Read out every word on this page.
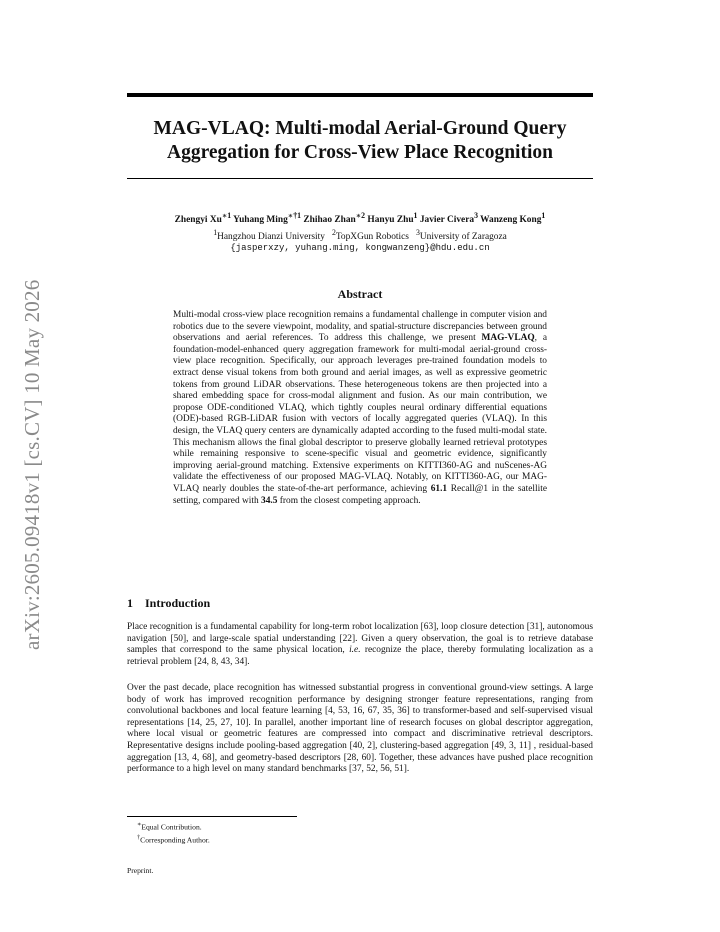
arXiv:2605.09418v1 [cs.CV] 10 May 2026
MAG-VLAQ: Multi-modal Aerial-Ground Query
Aggregation for Cross-View Place Recognition
Zhengyi $Xu^{∗1}$ Yuhang Ming$^{∗\dagger 1}$ Zhihao Zhan$^{∗2}$ Hanyu Zhu$^1$ Javier Civera$^3$ Wanzeng Kong$^1$
$^1$Hangzhou Dianzi University $^2$TopXGun Robotics $^3$University of Zaragoza
{jasperxzy, yuhang.ming, kongwanzeng}@hdu.edu.cn
Abstract
Multi-modal cross-view place recognition remains a fundamental challenge in computer vision and robotics due to the severe viewpoint, modality, and spatial-structure discrepancies between ground observations and aerial references. To address this challenge, we present MAG-VLAQ, a foundation-model-enhanced query aggregation framework for multi-modal aerial-ground cross-view place recognition. Specifically, our approach leverages pre-trained foundation models to extract dense visual tokens from both ground and aerial images, as well as expressive geometric tokens from ground LiDAR observations. These heterogeneous tokens are then projected into a shared embedding space for cross-modal alignment and fusion. As our main contribution, we propose ODE-conditioned VLAQ, which tightly couples neural ordinary differential equations (ODE)-based RGB-LiDAR fusion with vectors of locally aggregated queries (VLAQ). In this design, the VLAQ query centers are dynamically adapted according to the fused multi-modal state. This mechanism allows the final global descriptor to preserve globally learned retrieval prototypes while remaining responsive to scene-specific visual and geometric evidence, significantly improving aerial-ground matching. Extensive experiments on KITTI360-AG and nuScenes-AG validate the effectiveness of our proposed MAG-VLAQ. Notably, on KITTI360-AG, our MAG-VLAQ nearly doubles the state-of-the-art performance, achieving 61.1 Recall@1 in the satellite setting, compared with 34.5 from the closest competing approach.
1 Introduction
Place recognition is a fundamental capability for long-term robot localization [63], loop closure detection [31], autonomous navigation [50], and large-scale spatial understanding [22]. Given a query observation, the goal is to retrieve database samples that correspond to the same physical location, i.e. recognize the place, thereby formulating localization as a retrieval problem [24, 8, 43, 34].
Over the past decade, place recognition has witnessed substantial progress in conventional ground-view settings. A large body of work has improved recognition performance by designing stronger feature representations, ranging from convolutional backbones and local feature learning [4, 53, 16, 67, 35, 36] to transformer-based and self-supervised visual representations [14, 25, 27, 10]. In parallel, another important line of research focuses on global descriptor aggregation, where local visual or geometric features are compressed into compact and discriminative retrieval descriptors. Representative designs include pooling-based aggregation [40, 2], clustering-based aggregation [49, 3, 11] , residual-based aggregation [13, 4, 68], and geometry-based descriptors [28, 60]. Together, these advances have pushed place recognition performance to a high level on many standard benchmarks [37, 52, 56, 51].
∗Equal Contribution.
†Corresponding Author.
Preprint.
